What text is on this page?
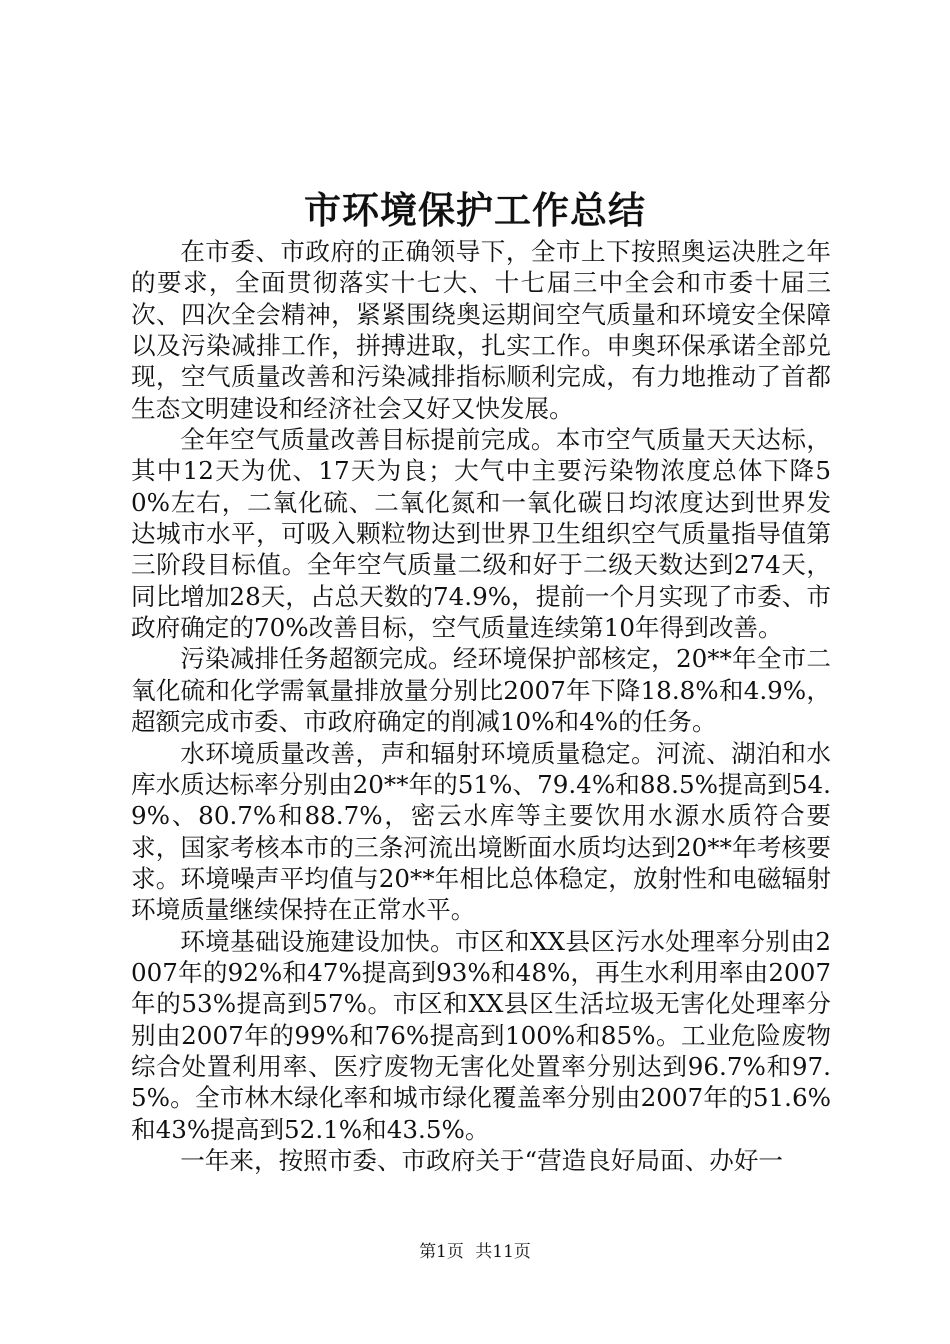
市环境保护工作总结

在市委、市政府的正确领导下，全市上下按照奥运决胜之年的要求，全面贯彻落实十七大、十七届三中全会和市委十届三次、四次全会精神，紧紧围绕奥运期间空气质量和环境安全保障以及污染减排工作，拼搏进取，扎实工作。申奥环保承诺全部兑现，空气质量改善和污染减排指标顺利完成，有力地推动了首都生态文明建设和经济社会又好又快发展。

全年空气质量改善目标提前完成。本市空气质量天天达标，其中12天为优、17天为良；大气中主要污染物浓度总体下降50%左右，二氧化硫、二氧化氮和一氧化碳日均浓度达到世界发达城市水平，可吸入颗粒物达到世界卫生组织空气质量指导值第三阶段目标值。全年空气质量二级和好于二级天数达到274天，同比增加28天，占总天数的74.9%，提前一个月实现了市委、市政府确定的70%改善目标，空气质量连续第10年得到改善。

污染减排任务超额完成。经环境保护部核定，20**年全市二氧化硫和化学需氧量排放量分别比2007年下降18.8%和4.9%，超额完成市委、市政府确定的削减10%和4%的任务。

水环境质量改善，声和辐射环境质量稳定。河流、湖泊和水库水质达标率分别由20**年的51%、79.4%和88.5%提高到54.9%、80.7%和88.7%，密云水库等主要饮用水源水质符合要求，国家考核本市的三条河流出境断面水质均达到20**年考核要求。环境噪声平均值与20**年相比总体稳定，放射性和电磁辐射环境质量继续保持在正常水平。

环境基础设施建设加快。市区和XX县区污水处理率分别由2007年的92%和47%提高到93%和48%，再生水利用率由2007年的53%提高到57%。市区和XX县区生活垃圾无害化处理率分别由2007年的99%和76%提高到100%和85%。工业危险废物综合处置利用率、医疗废物无害化处置率分别达到96.7%和97.5%。全市林木绿化率和城市绿化覆盖率分别由2007年的51.6%和43%提高到52.1%和43.5%。

一年来，按照市委、市政府关于“营造良好局面、办好一

第1页 共11页
